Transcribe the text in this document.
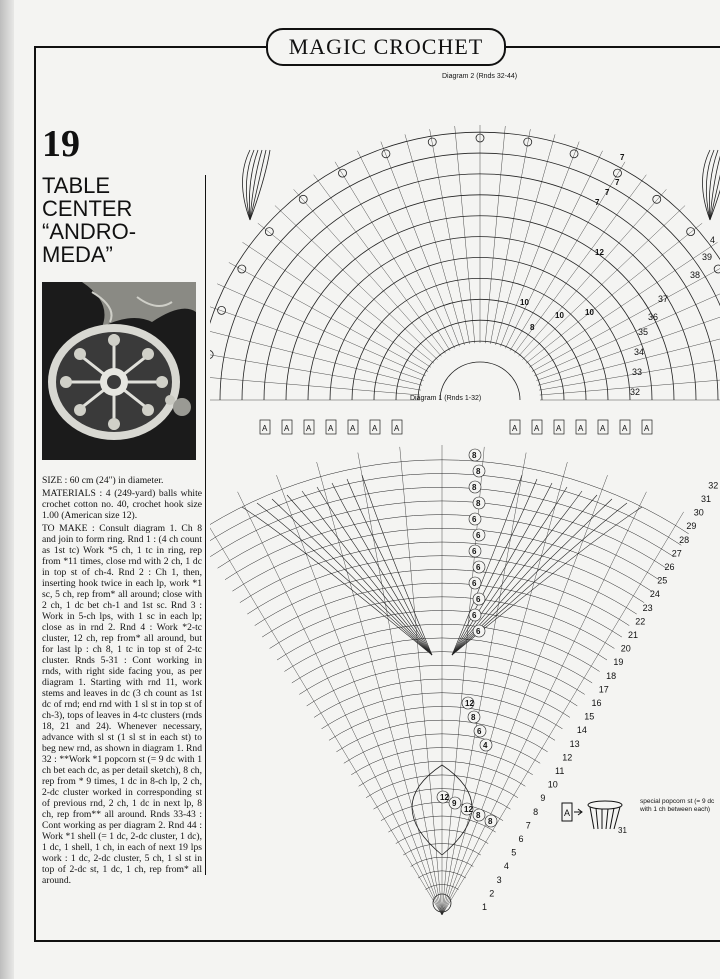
MAGIC CROCHET
19
TABLE
CENTER
“ANDRO-
MEDA”

SIZE : 60 cm (24") in diameter.

MATERIALS : 4 (249-yard) balls white crochet cotton no. 40, crochet hook size 1.00 (American size 12).

TO MAKE : Consult diagram 1. Ch 8 and join to form ring. Rnd 1 : (4 ch count as 1st tc) Work *5 ch, 1 tc in ring, rep from *11 times, close rnd with 2 ch, 1 dc in top st of ch-4. Rnd 2 : Ch 1, then, inserting hook twice in each lp, work *1 sc, 5 ch, rep from* all around; close with 2 ch, 1 dc bet ch-1 and 1st sc. Rnd 3 : Work in 5-ch lps, with 1 sc in each lp; close as in rnd 2. Rnd 4 : Work *2-tc cluster, 12 ch, rep from* all around, but for last lp : ch 8, 1 tc in top st of 2-tc cluster. Rnds 5-31 : Cont working in rnds, with right side facing you, as per diagram 1. Starting with rnd 11, work stems and leaves in dc (3 ch count as 1st dc of rnd; end rnd with 1 sl st in top st of ch-3), tops of leaves in 4-tc clusters (rnds 18, 21 and 24). Whenever necessary, advance with sl st (1 sl st in each st) to beg new rnd, as shown in diagram 1. Rnd 32 : **Work *1 popcorn st (= 9 dc with 1 ch bet each dc, as per detail sketch), 8 ch, rep from * 9 times, 1 dc in 8-ch lp, 2 ch, 2-dc cluster worked in corresponding st of previous rnd, 2 ch, 1 dc in next lp, 8 ch, rep from** all around. Rnds 33-43 : Cont working as per diagram 2. Rnd 44 : Work *1 shell (= 1 dc, 2-dc cluster, 1 dc), 1 dc, 1 shell, 1 ch, in each of next 19 lps work : 1 dc, 2-dc cluster, 5 ch, 1 sl st in top of 2-dc st, 1 dc, 1 ch, rep from* all around.

Diagram 2 (Rnds 32-44)
Diagram 1 (Rnds 1-32)
A A A A A A A	A A A A A A A
1
2
3
4
5
6
7
8
9
10
11
12
13
14
15
16
17
18
19
20
21
22
23
24
25
26
27
28
29
30
31
32
32
33
34
35
36
37
38
39
4
8
8
8
8
6
6
6
6
6
6
6
6
12
8
6
4
12
9
12
8
8
7
7
7
7
12
10
10	10
8
A
31
special popcorn st (= 9 dc with 1 ch between each)
